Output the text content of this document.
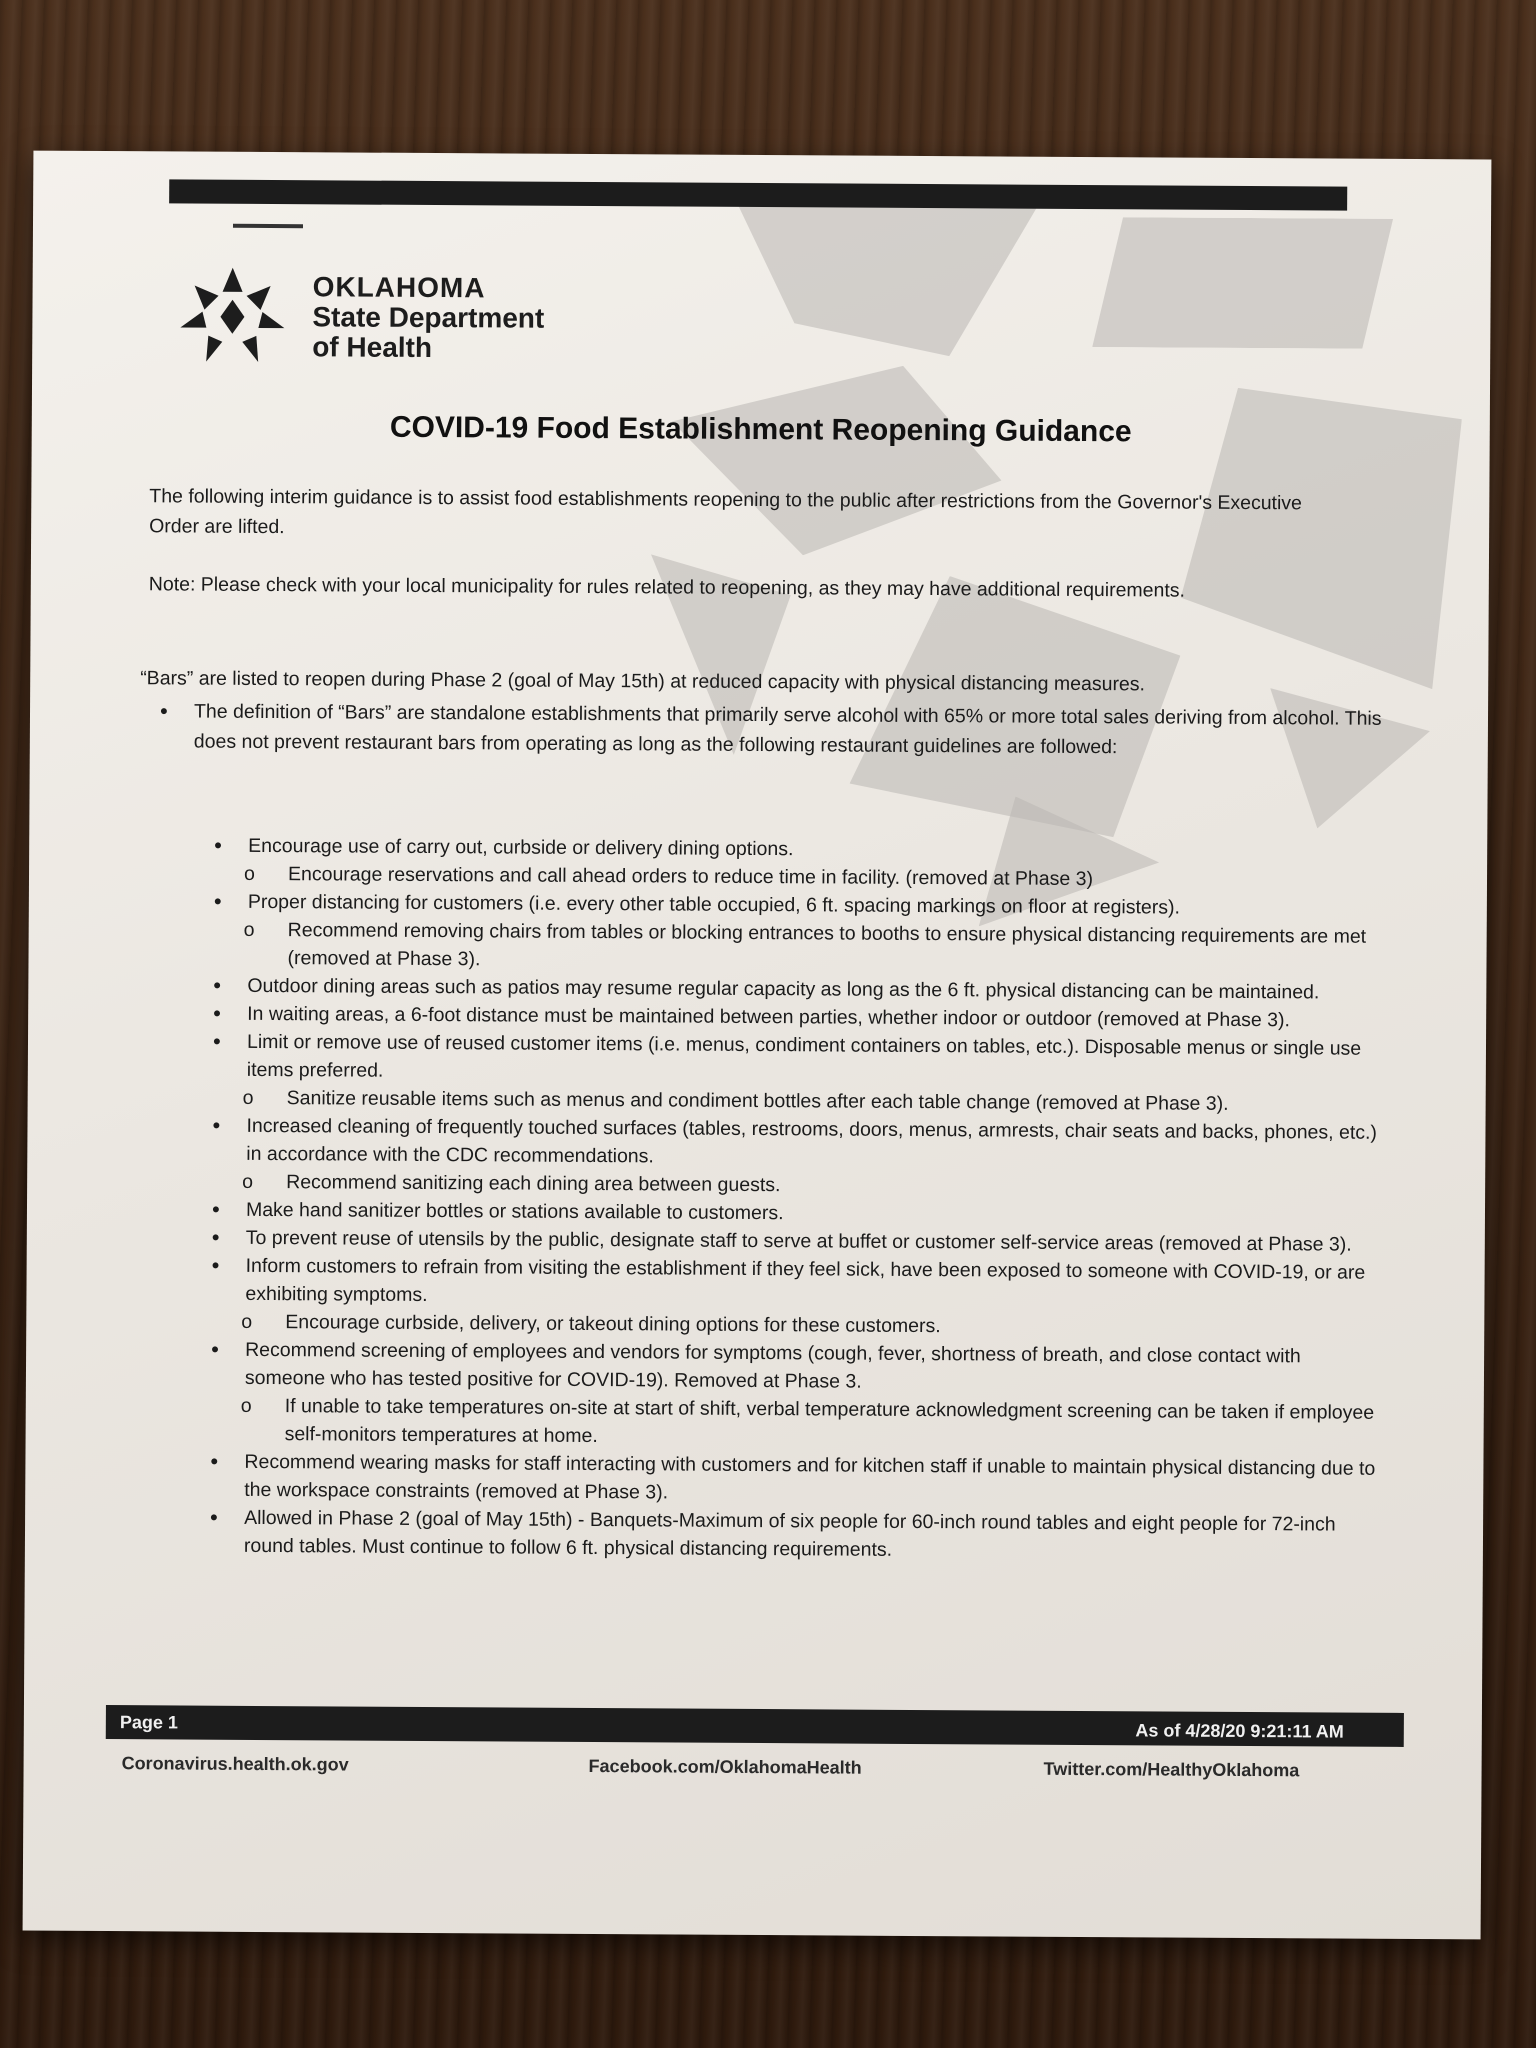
OKLAHOMA
State Department
of Health
COVID-19 Food Establishment Reopening Guidance
The following interim guidance is to assist food establishments reopening to the public after restrictions from the Governor's Executive Order are lifted.
Note: Please check with your local municipality for rules related to reopening, as they may have additional requirements.
“Bars” are listed to reopen during Phase 2 (goal of May 15th) at reduced capacity with physical distancing measures.
• The definition of “Bars” are standalone establishments that primarily serve alcohol with 65% or more total sales deriving from alcohol. This does not prevent restaurant bars from operating as long as the following restaurant guidelines are followed:
• Encourage use of carry out, curbside or delivery dining options.
o Encourage reservations and call ahead orders to reduce time in facility. (removed at Phase 3)
• Proper distancing for customers (i.e. every other table occupied, 6 ft. spacing markings on floor at registers).
o Recommend removing chairs from tables or blocking entrances to booths to ensure physical distancing requirements are met (removed at Phase 3).
• Outdoor dining areas such as patios may resume regular capacity as long as the 6 ft. physical distancing can be maintained.
• In waiting areas, a 6-foot distance must be maintained between parties, whether indoor or outdoor (removed at Phase 3).
• Limit or remove use of reused customer items (i.e. menus, condiment containers on tables, etc.). Disposable menus or single use items preferred.
o Sanitize reusable items such as menus and condiment bottles after each table change (removed at Phase 3).
• Increased cleaning of frequently touched surfaces (tables, restrooms, doors, menus, armrests, chair seats and backs, phones, etc.) in accordance with the CDC recommendations.
o Recommend sanitizing each dining area between guests.
• Make hand sanitizer bottles or stations available to customers.
• To prevent reuse of utensils by the public, designate staff to serve at buffet or customer self-service areas (removed at Phase 3).
• Inform customers to refrain from visiting the establishment if they feel sick, have been exposed to someone with COVID-19, or are exhibiting symptoms.
o Encourage curbside, delivery, or takeout dining options for these customers.
• Recommend screening of employees and vendors for symptoms (cough, fever, shortness of breath, and close contact with someone who has tested positive for COVID-19). Removed at Phase 3.
o If unable to take temperatures on-site at start of shift, verbal temperature acknowledgment screening can be taken if employee self-monitors temperatures at home.
• Recommend wearing masks for staff interacting with customers and for kitchen staff if unable to maintain physical distancing due to the workspace constraints (removed at Phase 3).
• Allowed in Phase 2 (goal of May 15th) - Banquets-Maximum of six people for 60-inch round tables and eight people for 72-inch round tables. Must continue to follow 6 ft. physical distancing requirements.
Page 1	As of 4/28/20 9:21:11 AM
Coronavirus.health.ok.gov	Facebook.com/OklahomaHealth	Twitter.com/HealthyOklahoma
